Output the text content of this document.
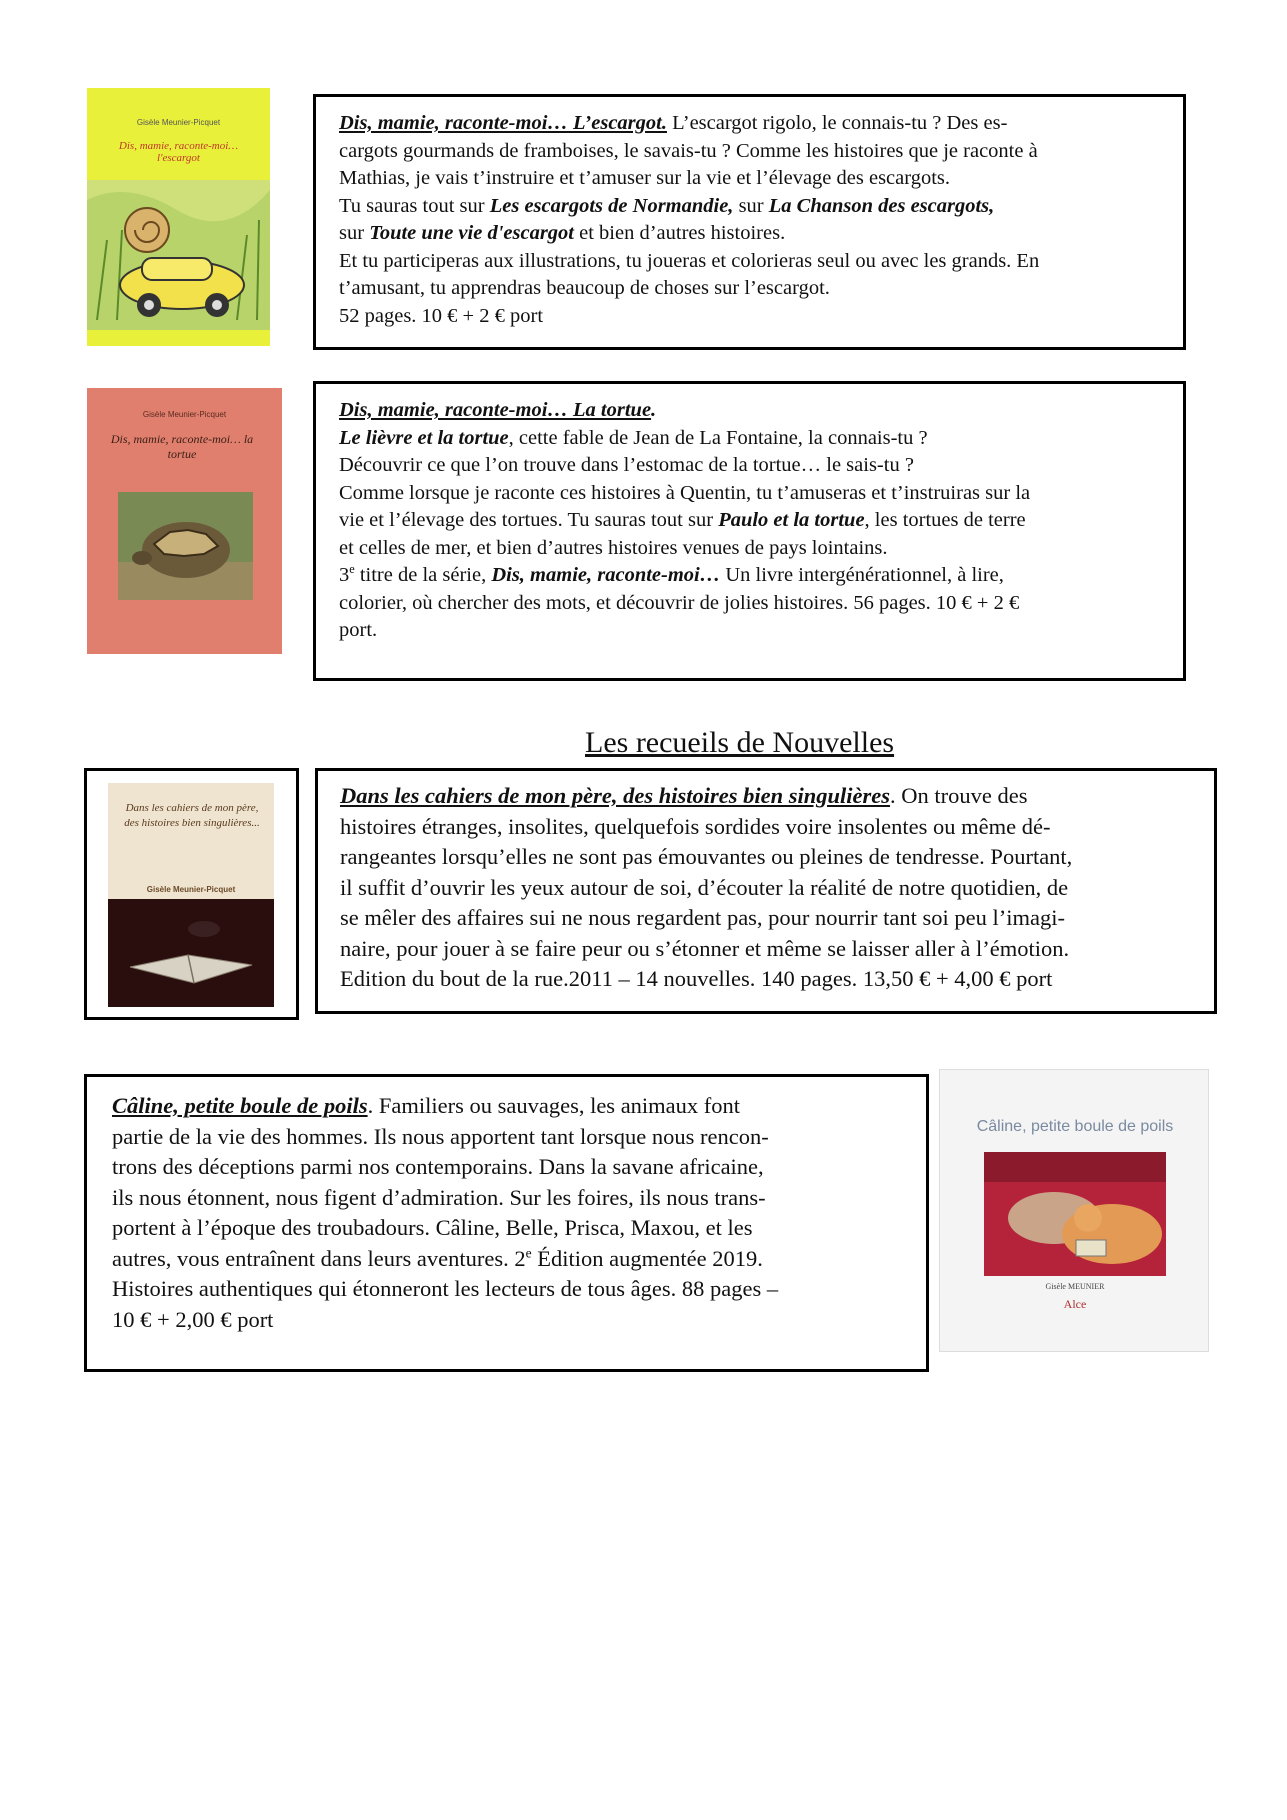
Gisèle Meunier-Picquet
Dis, mamie, raconte-moi… l'escargot

Dis, mamie, raconte-moi… L’escargot. L’escargot rigolo, le connais-tu ? Des es-

cargots gourmands de framboises, le savais-tu ? Comme les histoires que je raconte à

Mathias, je vais t’instruire et t’amuser sur la vie et l’élevage des escargots.

Tu sauras tout sur Les escargots de Normandie, sur La Chanson des escargots,

sur Toute une vie d'escargot et bien d’autres histoires.

Et tu participeras aux illustrations, tu joueras et colorieras seul ou avec les grands. En

t’amusant, tu apprendras beaucoup de choses sur l’escargot.

52 pages. 10 € + 2 € port

Gisèle Meunier-Picquet
Dis, mamie, raconte-moi… la tortue

Dis, mamie, raconte-moi… La tortue.

Le lièvre et la tortue, cette fable de Jean de La Fontaine, la connais-tu ?

Découvrir ce que l’on trouve dans l’estomac de la tortue… le sais-tu ?

Comme lorsque je raconte ces histoires à Quentin, tu t’amuseras et t’instruiras sur la

vie et l’élevage des tortues. Tu sauras tout sur Paulo et la tortue, les tortues de terre

et celles de mer, et bien d’autres histoires venues de pays lointains.

3e titre de la série, Dis, mamie, raconte-moi… Un livre intergénérationnel, à lire,

colorier, où chercher des mots, et découvrir de jolies histoires. 56 pages. 10 € + 2 €

port.

Les recueils de Nouvelles
Dans les cahiers de mon père, des histoires bien singulières...
Gisèle Meunier-Picquet

Dans les cahiers de mon père, des histoires bien singulières. On trouve des

histoires étranges, insolites, quelquefois sordides voire insolentes ou même dé-

rangeantes lorsqu’elles ne sont pas émouvantes ou pleines de tendresse. Pourtant,

il suffit d’ouvrir les yeux autour de soi, d’écouter la réalité de notre quotidien, de

se mêler des affaires sui ne nous regardent pas, pour nourrir tant soi peu l’imagi-

naire, pour jouer à se faire peur ou s’étonner et même se laisser aller à l’émotion.

Edition du bout de la rue.2011 – 14 nouvelles. 140 pages. 13,50 € + 4,00 € port

Câline, petite boule de poils. Familiers ou sauvages, les animaux font

partie de la vie des hommes. Ils nous apportent tant lorsque nous rencon-

trons des déceptions parmi nos contemporains. Dans la savane africaine,

ils nous étonnent, nous figent d’admiration. Sur les foires, ils nous trans-

portent à l’époque des troubadours. Câline, Belle, Prisca, Maxou, et les

autres, vous entraînent dans leurs aventures. 2e Édition augmentée 2019.

Histoires authentiques qui étonneront les lecteurs de tous âges. 88 pages –

10 € + 2,00 € port

Câline, petite boule de poils
Gisèle MEUNIER
Alce
